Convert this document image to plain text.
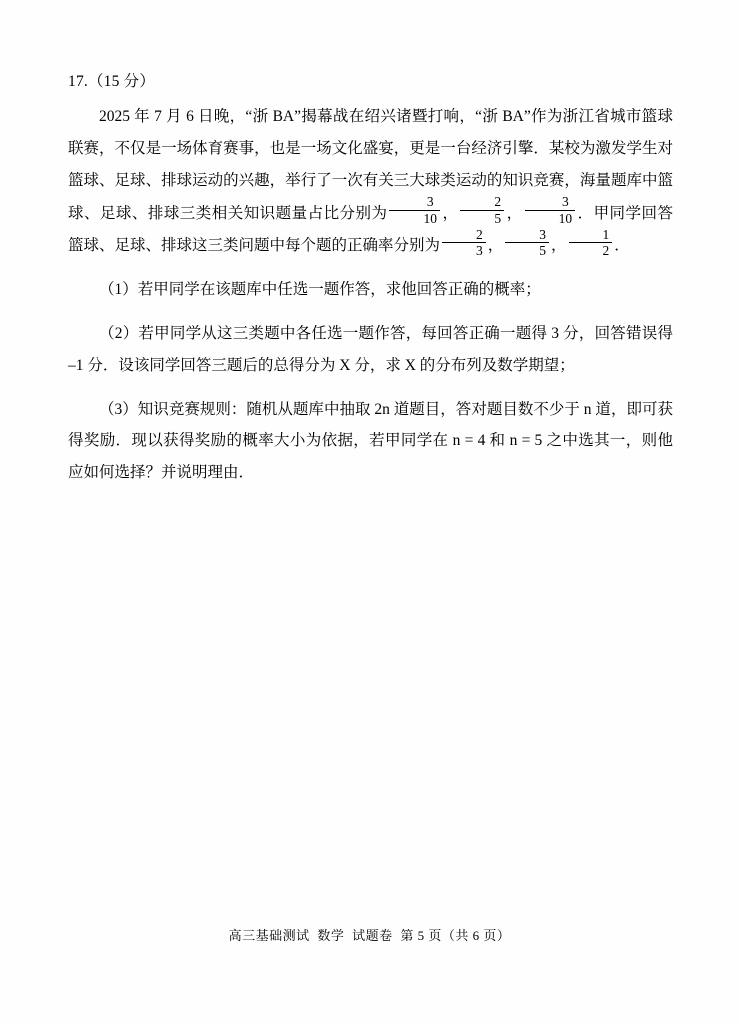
17.（15 分）
2025 年 7 月 6 日晚，“浙 BA”揭幕战在绍兴诸暨打响，“浙 BA”作为浙江省城市篮球联赛，不仅是一场体育赛事，也是一场文化盛宴，更是一台经济引擎．某校为激发学生对篮球、足球、排球运动的兴趣，举行了一次有关三大球类运动的知识竞赛，海量题库中篮球、足球、排球三类相关知识题量占比分别为 $\frac{3}{10}$ ， $\frac{2}{5}$ ， $\frac{3}{10}$ ．甲同学回答篮球、足球、排球这三类问题中每个题的正确率分别为 $\frac{2}{3}$ ， $\frac{3}{5}$ ， $\frac{1}{2}$ ．
（1）若甲同学在该题库中任选一题作答，求他回答正确的概率；
（2）若甲同学从这三类题中各任选一题作答，每回答正确一题得 3 分，回答错误得 –1 分．设该同学回答三题后的总得分为 X 分，求 X 的分布列及数学期望；
（3）知识竞赛规则：随机从题库中抽取 2n 道题目，答对题目数不少于 n 道，即可获得奖励．现以获得奖励的概率大小为依据，若甲同学在 n = 4 和 n = 5 之中选其一，则他应如何选择？并说明理由．
高三基础测试 数学 试题卷 第 5 页（共 6 页）
